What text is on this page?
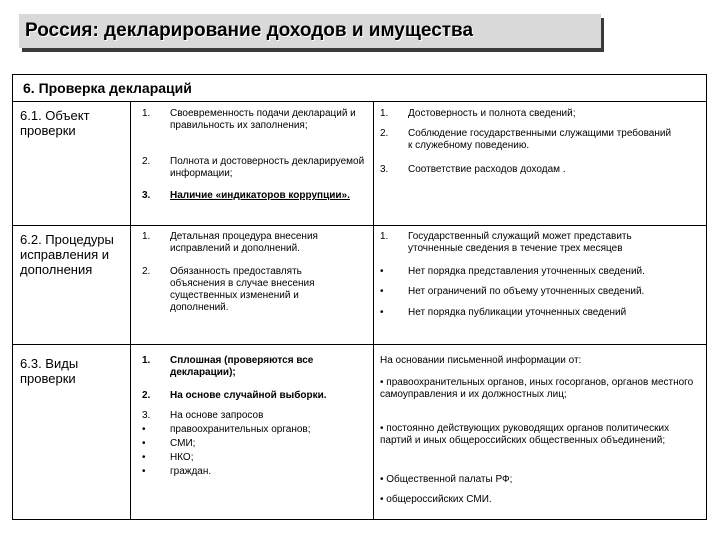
Россия: декларирование доходов и имущества
6. Проверка деклараций
6.1. Объект проверки
1. Своевременность подачи деклараций и правильность их заполнения;
2. Полнота и достоверность декларируемой информации;
3. Наличие «индикаторов коррупции».
1. Достоверность и полнота сведений;
2. Соблюдение государственными служащими требований к служебному поведению.
3. Соответствие расходов доходам .
6.2. Процедуры исправления и дополнения
1. Детальная процедура внесения исправлений и дополнений.
2. Обязанность предоставлять объяснения в случае внесения существенных изменений и дополнений.
1. Государственный служащий может представить уточненные сведения в течение трех месяцев
• Нет порядка представления уточненных сведений.
• Нет ограничений по объему уточненных сведений.
• Нет порядка публикации уточненных сведений
6.3. Виды проверки
1. Сплошная (проверяются все декларации);
2. На основе случайной выборки.
3. На основе запросов
• правоохранительных органов;
• СМИ;
• НКО;
• граждан.
На основании письменной информации от:
• правоохранительных органов, иных госорганов, органов местного самоуправления и их должностных лиц;
• постоянно действующих руководящих органов политических партий и иных общероссийских общественных объединений;
• Общественной палаты РФ;
• общероссийских СМИ.
